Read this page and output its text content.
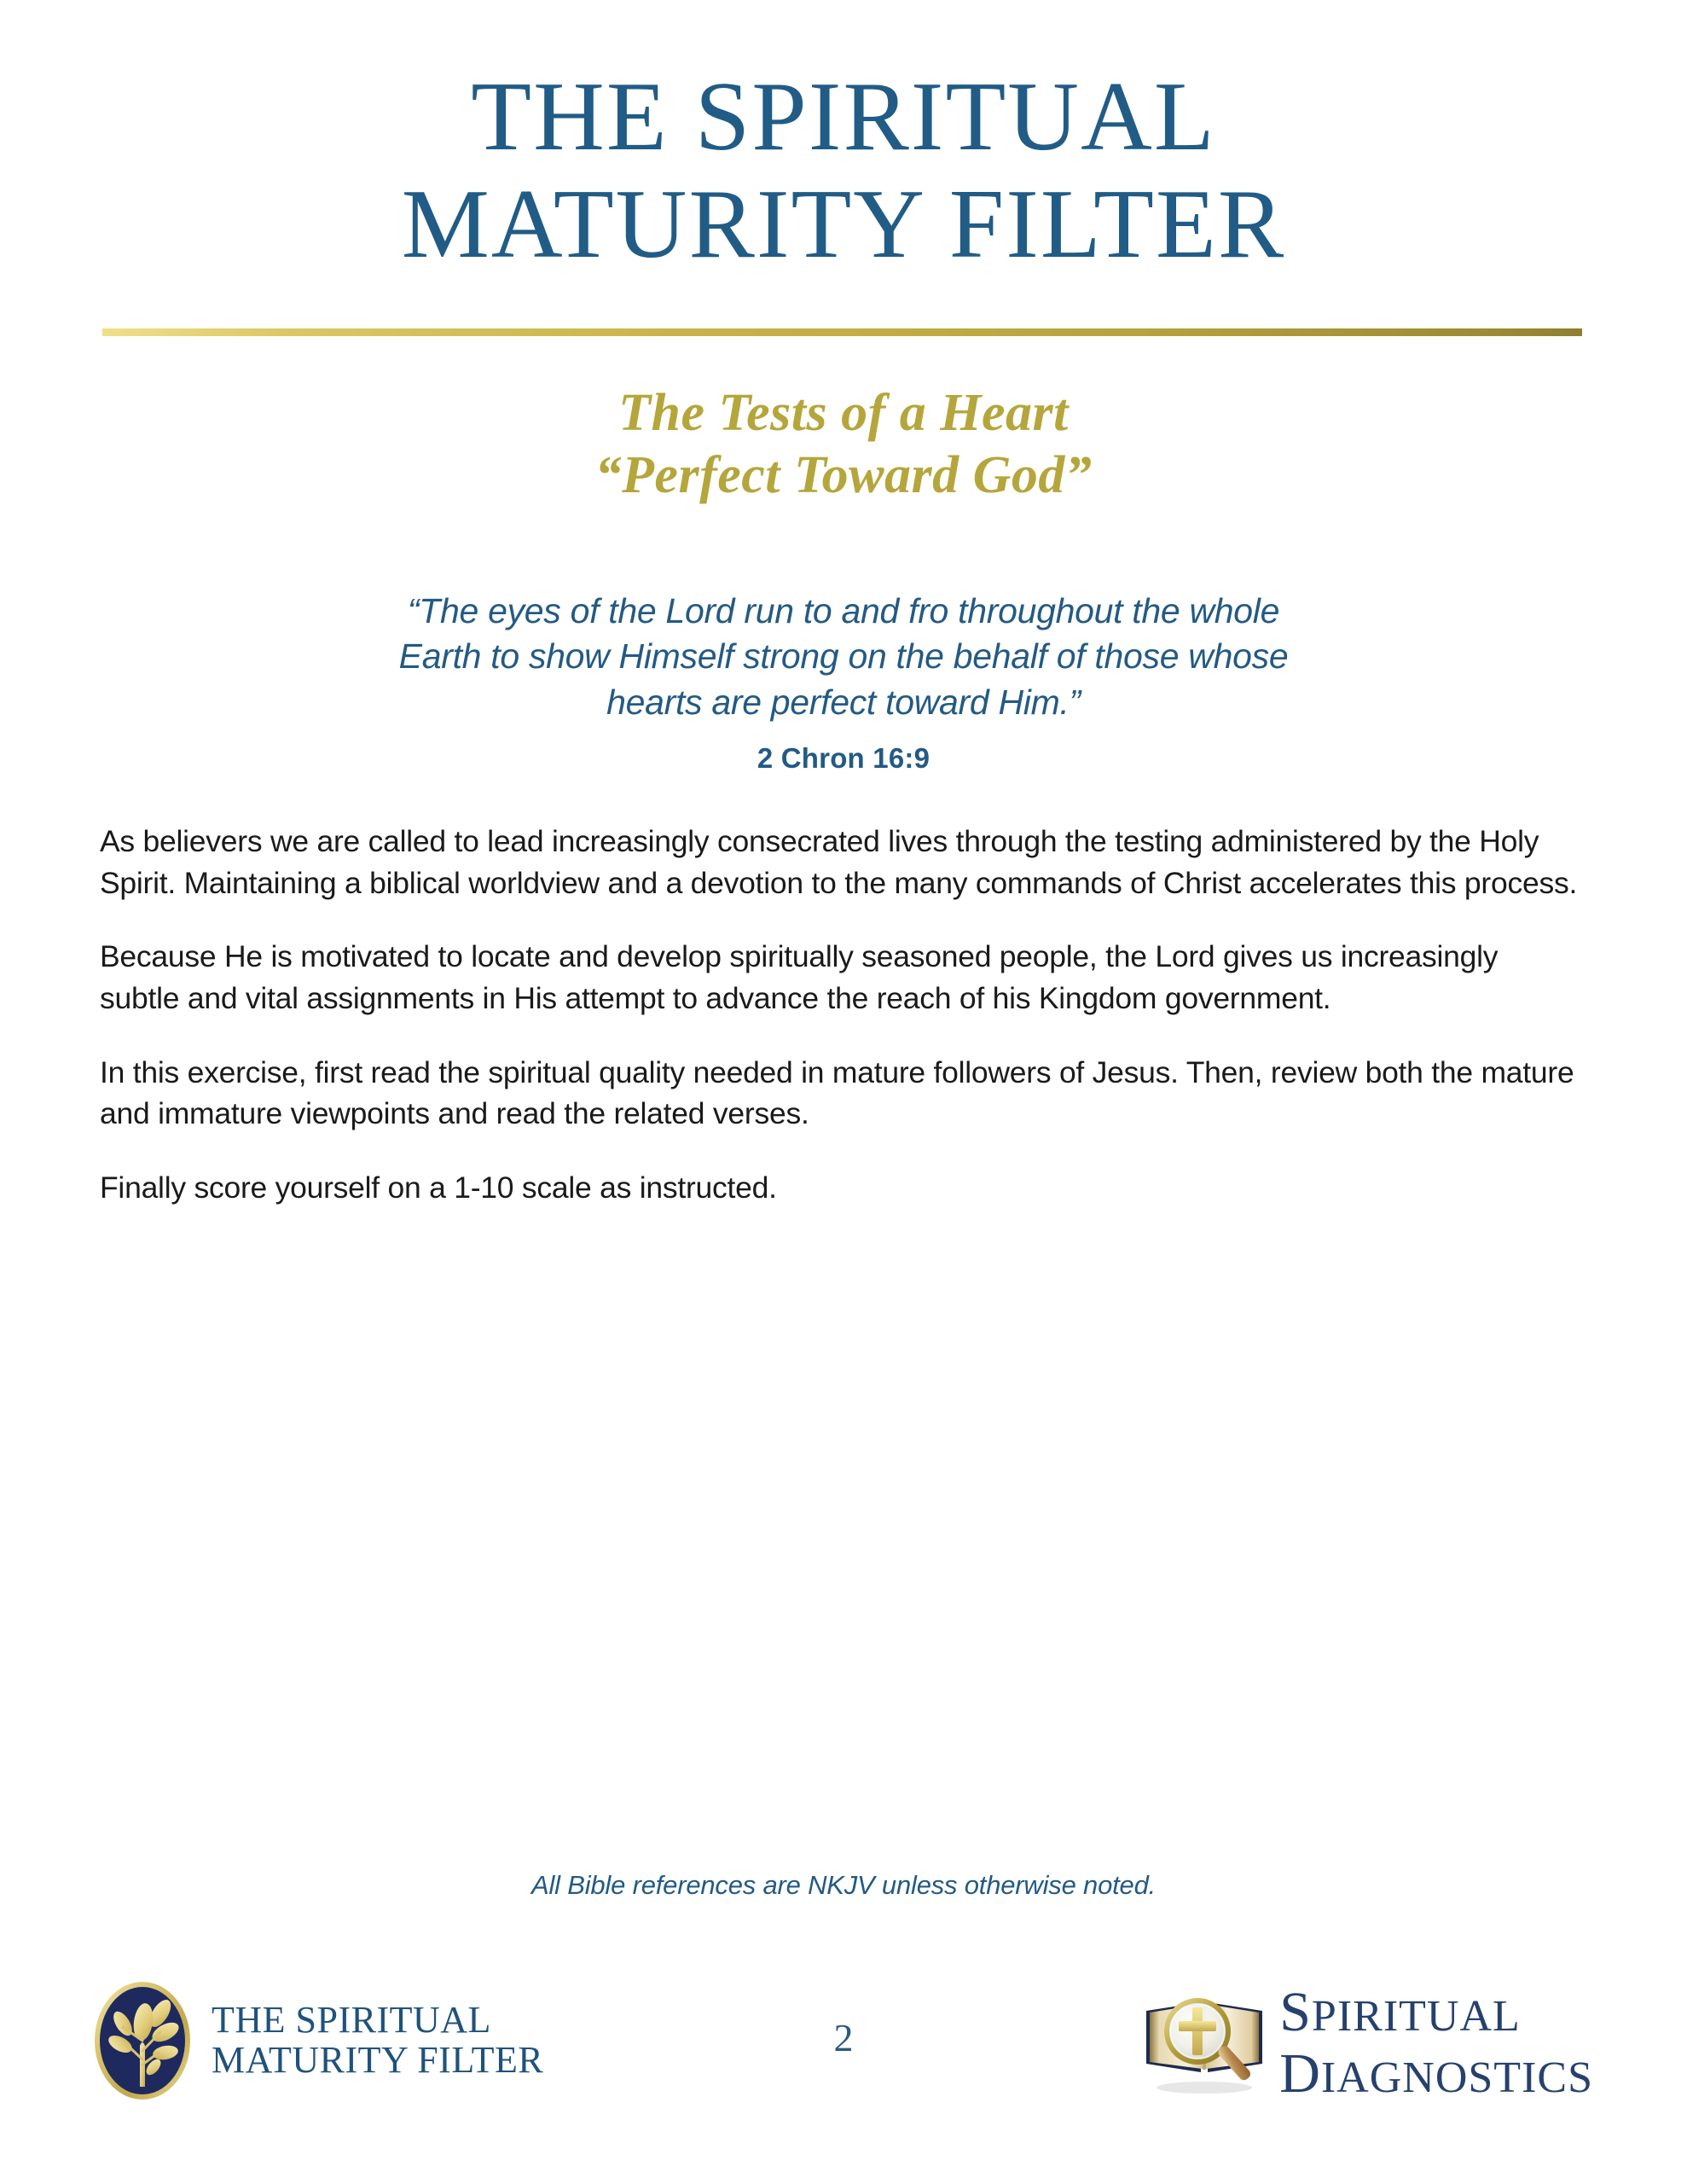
THE SPIRITUAL
MATURITY FILTER
The Tests of a Heart
“Perfect Toward God”
“The eyes of the Lord run to and fro throughout the whole
Earth to show Himself strong on the behalf of those whose
hearts are perfect toward Him.”
2 Chron 16:9

As believers we are called to lead increasingly consecrated lives through the testing administered by the Holy Spirit. Maintaining a biblical worldview and a devotion to the many commands of Christ accelerates this process.

Because He is motivated to locate and develop spiritually seasoned people, the Lord gives us increasingly subtle and vital assignments in His attempt to advance the reach of his Kingdom government.

In this exercise, first read the spiritual quality needed in mature followers of Jesus. Then, review both the mature and immature viewpoints and read the related verses.

Finally score yourself on a 1-10 scale as instructed.

All Bible references are NKJV unless otherwise noted.
THE SPIRITUAL
MATURITY FILTER
2	SPIRITUAL
DIAGNOSTICS
